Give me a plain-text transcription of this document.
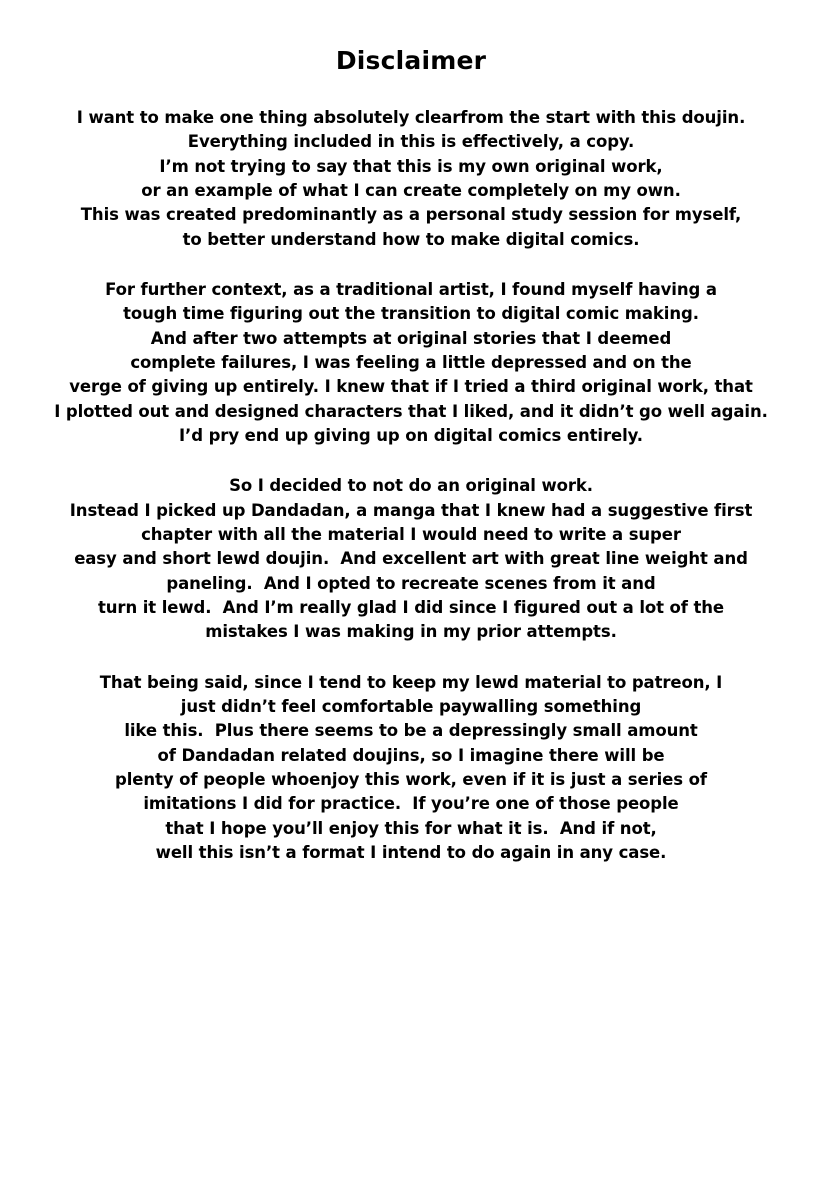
Disclaimer
I want to make one thing absolutely clearfrom the start with this doujin.
Everything included in this is effectively, a copy.
I’m not trying to say that this is my own original work,
or an example of what I can create completely on my own.
This was created predominantly as a personal study session for myself,
to better understand how to make digital comics.
For further context, as a traditional artist, I found myself having a
tough time figuring out the transition to digital comic making.
And after two attempts at original stories that I deemed
complete failures, I was feeling a little depressed and on the
verge of giving up entirely. I knew that if I tried a third original work, that
I plotted out and designed characters that I liked, and it didn’t go well again.
I’d pry end up giving up on digital comics entirely.
So I decided to not do an original work.
Instead I picked up Dandadan, a manga that I knew had a suggestive first
chapter with all the material I would need to write a super
easy and short lewd doujin.  And excellent art with great line weight and
paneling.  And I opted to recreate scenes from it and
turn it lewd.  And I’m really glad I did since I figured out a lot of the
mistakes I was making in my prior attempts.
That being said, since I tend to keep my lewd material to patreon, I
just didn’t feel comfortable paywalling something
like this.  Plus there seems to be a depressingly small amount
of Dandadan related doujins, so I imagine there will be
plenty of people whoenjoy this work, even if it is just a series of
imitations I did for practice.  If you’re one of those people
that I hope you’ll enjoy this for what it is.  And if not,
well this isn’t a format I intend to do again in any case.
